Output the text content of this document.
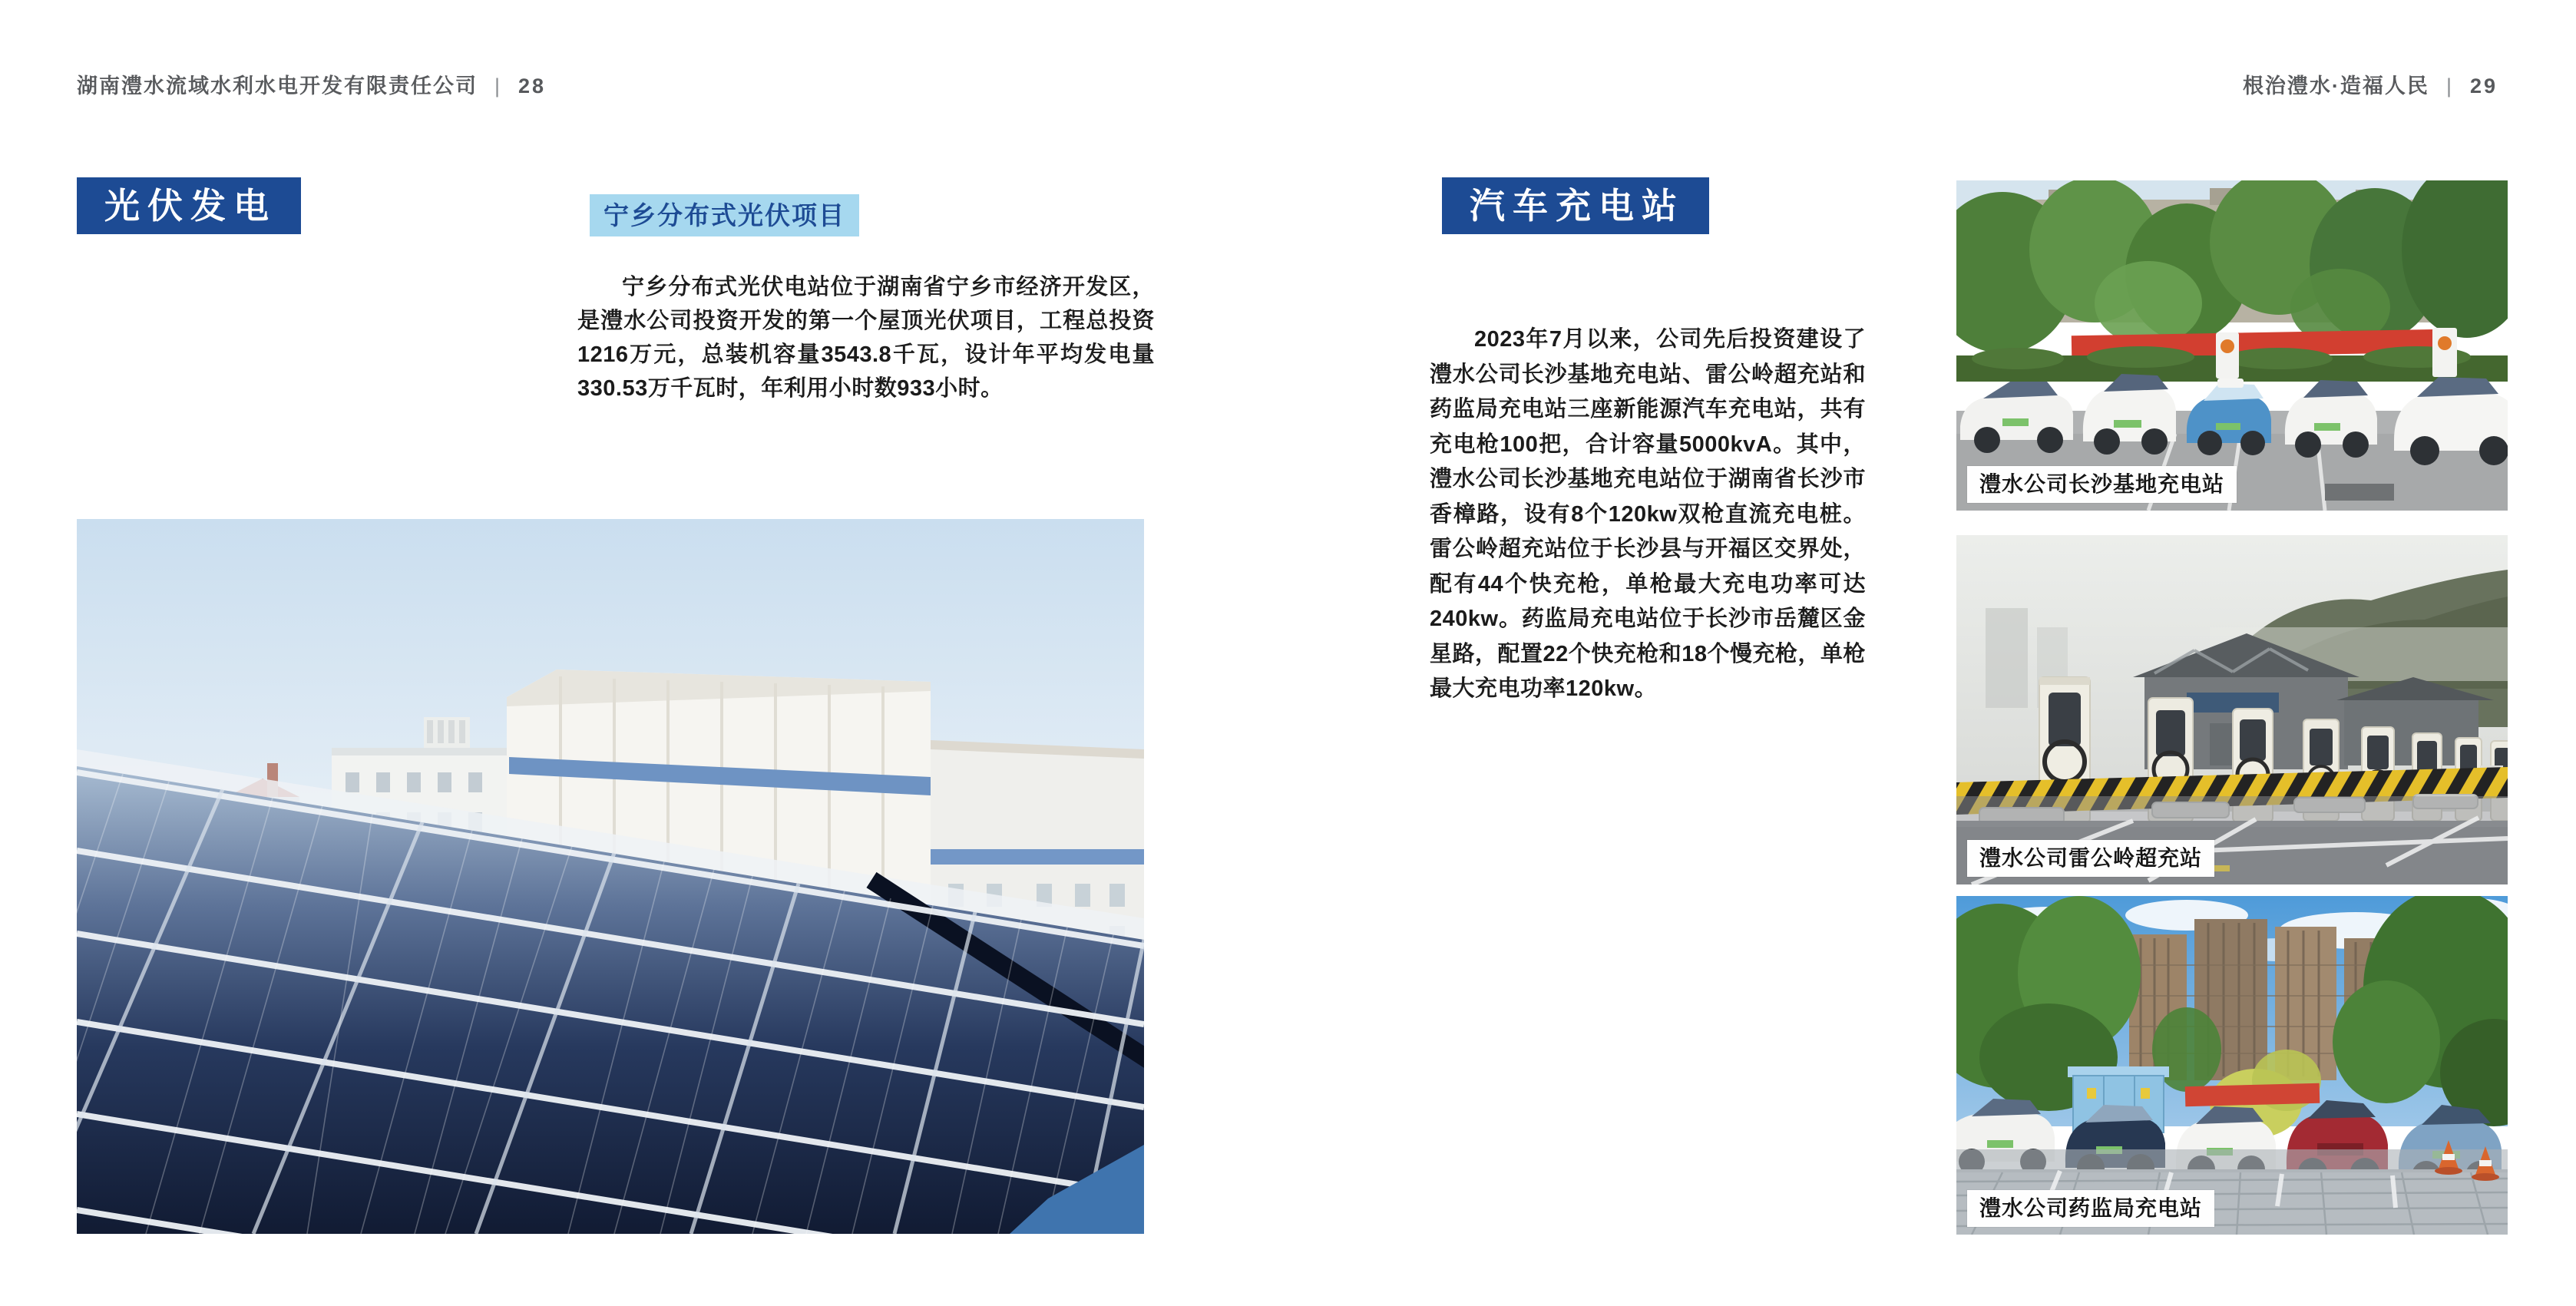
湖南澧水流域水利水电开发有限责任公司 | 28	根治澧水·造福人民 | 29
光伏发电	宁乡分布式光伏项目

宁乡分布式光伏电站位于湖南省宁乡市经济开发区，是澧水公司投资开发的第一个屋顶光伏项目，工程总投资1216万元，总装机容量3543.8千瓦，设计年平均发电量330.53万千瓦时，年利用小时数933小时。

汽车充电站

2023年7月以来，公司先后投资建设了澧水公司长沙基地充电站、雷公岭超充站和药监局充电站三座新能源汽车充电站，共有充电枪100把，合计容量5000kvA。其中，澧水公司长沙基地充电站位于湖南省长沙市香樟路，设有8个120kw双枪直流充电桩。雷公岭超充站位于长沙县与开福区交界处，配有44个快充枪，单枪最大充电功率可达240kw。药监局充电站位于长沙市岳麓区金星路，配置22个快充枪和18个慢充枪，单枪最大充电功率120kw。

澧水公司长沙基地充电站
澧水公司雷公岭超充站
澧水公司药监局充电站
